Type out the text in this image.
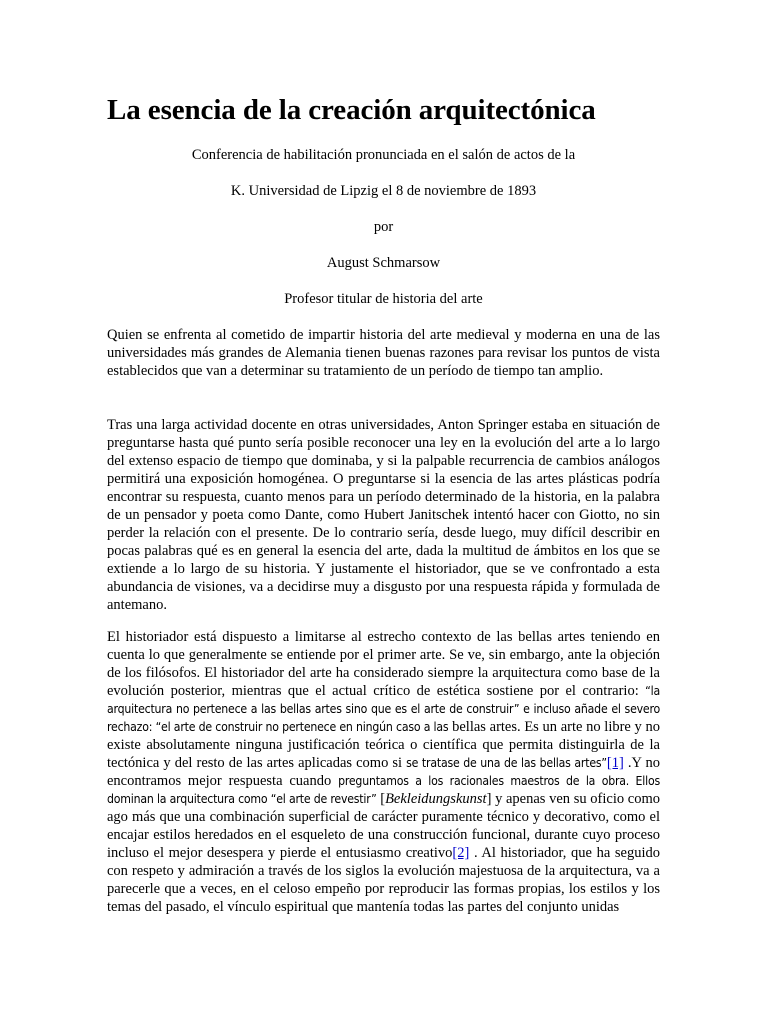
La esencia de la creación arquitectónica

Conferencia de habilitación pronunciada en el salón de actos de la

K. Universidad de Lipzig el 8 de noviembre de 1893

por

August Schmarsow

Profesor titular de historia del arte

Quien se enfrenta al cometido de impartir historia del arte medieval y moderna en una de las universidades más grandes de Alemania tienen buenas razones para revisar los puntos de vista establecidos que van a determinar su tratamiento de un período de tiempo tan amplio.

Tras una larga actividad docente en otras universidades, Anton Springer estaba en situación de preguntarse hasta qué punto sería posible reconocer una ley en la evolución del arte a lo largo del extenso espacio de tiempo que dominaba, y si la palpable recurrencia de cambios análogos permitirá una exposición homogénea. O preguntarse si la esencia de las artes plásticas podría encontrar su respuesta, cuanto menos para un período determinado de la historia, en la palabra de un pensador y poeta como Dante, como Hubert Janitschek intentó hacer con Giotto, no sin perder la relación con el presente. De lo contrario sería, desde luego, muy difícil describir en pocas palabras qué es en general la esencia del arte, dada la multitud de ámbitos en los que se extiende a lo largo de su historia. Y justamente el historiador, que se ve confrontado a esta abundancia de visiones, va a decidirse muy a disgusto por una respuesta rápida y formulada de antemano.

El historiador está dispuesto a limitarse al estrecho contexto de las bellas artes teniendo en cuenta lo que generalmente se entiende por el primer arte. Se ve, sin embargo, ante la objeción de los filósofos. El historiador del arte ha considerado siempre la arquitectura como base de la evolución posterior, mientras que el actual crítico de estética sostiene por el contrario: “la arquitectura no pertenece a las bellas artes sino que es el arte de construir” e incluso añade el severo rechazo: “el arte de construir no pertenece en ningún caso a las bellas artes. Es un arte no libre y no existe absolutamente ninguna justificación teórica o científica que permita distinguirla de la tectónica y del resto de las artes aplicadas como si se tratase de una de las bellas artes”[1] .Y no encontramos mejor respuesta cuando preguntamos a los racionales maestros de la obra. Ellos dominan la arquitectura como “el arte de revestir” [Bekleidungskunst] y apenas ven su oficio como ago más que una combinación superficial de carácter puramente técnico y decorativo, como el encajar estilos heredados en el esqueleto de una construcción funcional, durante cuyo proceso incluso el mejor desespera y pierde el entusiasmo creativo[2] . Al historiador, que ha seguido con respeto y admiración a través de los siglos la evolución majestuosa de la arquitectura, va a parecerle que a veces, en el celoso empeño por reproducir las formas propias, los estilos y los temas del pasado, el vínculo espiritual que mantenía todas las partes del conjunto unidas
